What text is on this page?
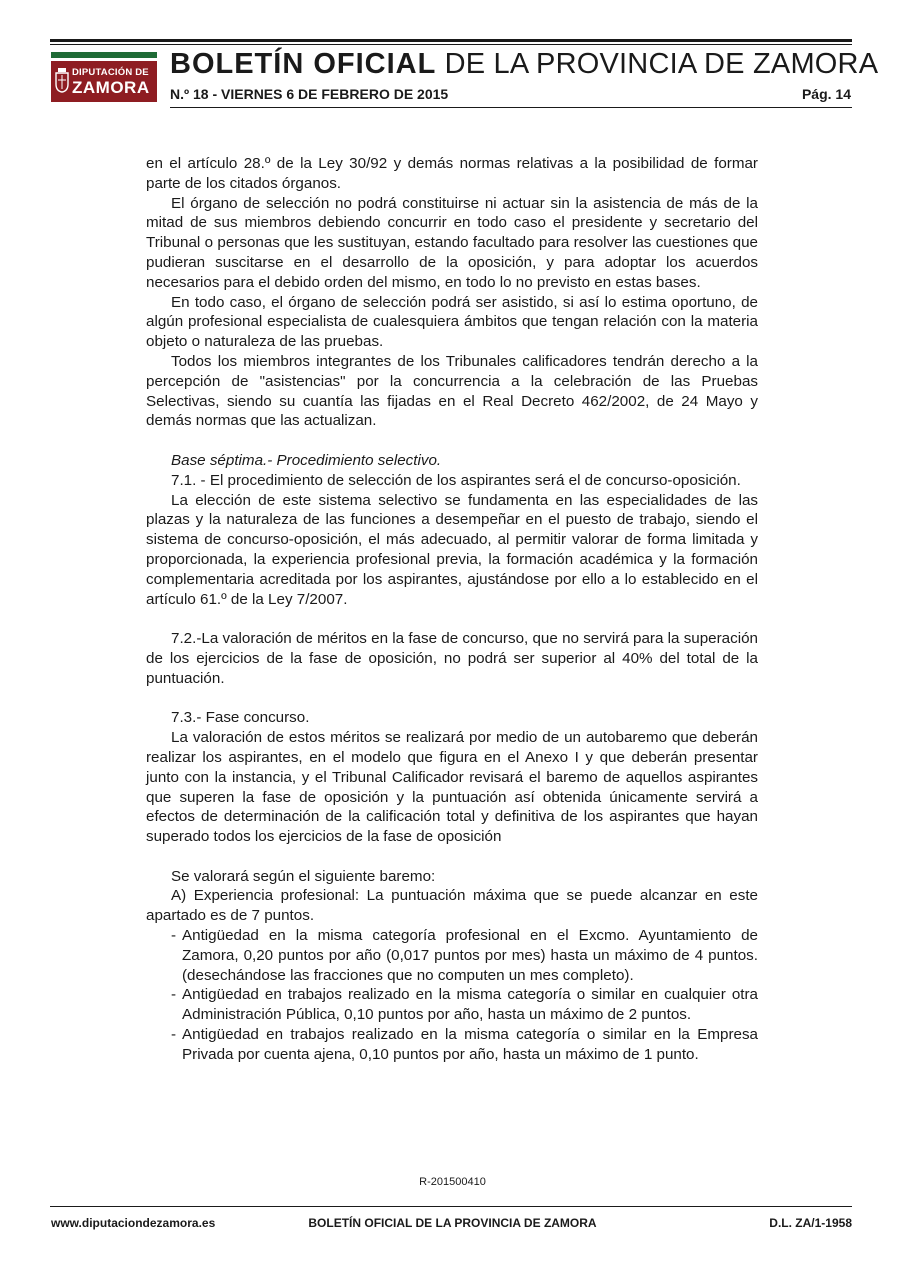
DIPUTACIÓN DE
ZAMORA
BOLETÍN OFICIAL DE LA PROVINCIA DE ZAMORA
N.º 18 - VIERNES 6 DE FEBRERO DE 2015	Pág. 14

en el artículo 28.º de la Ley 30/92 y demás normas relativas a la posibilidad de formar parte de los citados órganos.

El órgano de selección no podrá constituirse ni actuar sin la asistencia de más de la mitad de sus miembros debiendo concurrir en todo caso el presidente y secretario del Tribunal o personas que les sustituyan, estando facultado para resolver las cuestiones que pudieran suscitarse en el desarrollo de la oposición, y para adoptar los acuerdos necesarios para el debido orden del mismo, en todo lo no previsto en estas bases.

En todo caso, el órgano de selección podrá ser asistido, si así lo estima oportuno, de algún profesional especialista de cualesquiera ámbitos que tengan relación con la materia objeto o naturaleza de las pruebas.

Todos los miembros integrantes de los Tribunales calificadores tendrán derecho a la percepción de "asistencias" por la concurrencia a la celebración de las Pruebas Selectivas, siendo su cuantía las fijadas en el Real Decreto 462/2002, de 24 Mayo y demás normas que las actualizan.

Base séptima.- Procedimiento selectivo.

7.1. - El procedimiento de selección de los aspirantes será el de concurso-oposición.

La elección de este sistema selectivo se fundamenta en las especialidades de las plazas y la naturaleza de las funciones a desempeñar en el puesto de trabajo, siendo el sistema de concurso-oposición, el más adecuado, al permitir valorar de forma limitada y proporcionada, la experiencia profesional previa, la formación académica y la formación complementaria acreditada por los aspirantes, ajustándose por ello a lo establecido en el artículo 61.º de la Ley 7/2007.

7.2.-La valoración de méritos en la fase de concurso, que no servirá para la superación de los ejercicios de la fase de oposición, no podrá ser superior al 40% del total de la puntuación.

7.3.- Fase concurso.

La valoración de estos méritos se realizará por medio de un autobaremo que deberán realizar los aspirantes, en el modelo que figura en el Anexo I y que deberán presentar junto con la instancia, y el Tribunal Calificador revisará el baremo de aquellos aspirantes que superen la fase de oposición y la puntuación así obtenida únicamente servirá a efectos de determinación de la calificación total y definitiva de los aspirantes que hayan superado todos los ejercicios de la fase de oposición

Se valorará según el siguiente baremo:

A) Experiencia profesional: La puntuación máxima que se puede alcanzar en este apartado es de 7 puntos.

- Antigüedad en la misma categoría profesional en el Excmo. Ayuntamiento de Zamora, 0,20 puntos por año (0,017 puntos por mes) hasta un máximo de 4 puntos. (desechándose las fracciones que no computen un mes completo).
- Antigüedad en trabajos realizado en la misma categoría o similar en cualquier otra Administración Pública, 0,10 puntos por año, hasta un máximo de 2 puntos.
- Antigüedad en trabajos realizado en la misma categoría o similar en la Empresa Privada por cuenta ajena, 0,10 puntos por año, hasta un máximo de 1 punto.
R-201500410
www.diputaciondezamora.es	BOLETÍN OFICIAL DE LA PROVINCIA DE ZAMORA	D.L. ZA/1-1958
